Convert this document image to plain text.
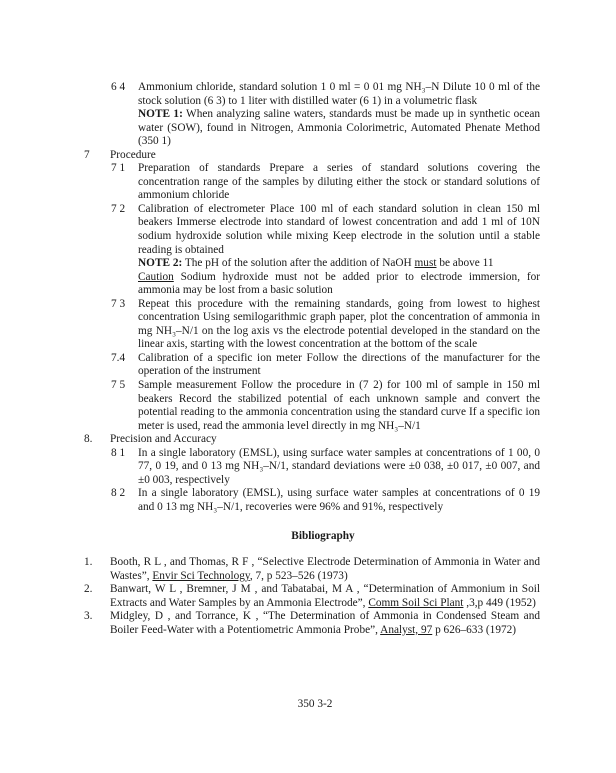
6 4 Ammonium chloride, standard solution 1 0 ml = 0 01 mg NH₃–N Dilute 10 0 ml of the stock solution (6 3) to 1 liter with distilled water (6 1) in a volumetric flask
NOTE 1: When analyzing saline waters, standards must be made up in synthetic ocean water (SOW), found in Nitrogen, Ammonia Colorimetric, Automated Phenate Method (350 1)
7 Procedure
7 1 Preparation of standards Prepare a series of standard solutions covering the concentration range of the samples by diluting either the stock or standard solutions of ammonium chloride
7 2 Calibration of electrometer Place 100 ml of each standard solution in clean 150 ml beakers Immerse electrode into standard of lowest concentration and add 1 ml of 10N sodium hydroxide solution while mixing Keep electrode in the solution until a stable reading is obtained
NOTE 2: The pH of the solution after the addition of NaOH must be above 11
Caution Sodium hydroxide must not be added prior to electrode immersion, for ammonia may be lost from a basic solution
7 3 Repeat this procedure with the remaining standards, going from lowest to highest concentration Using semilogarithmic graph paper, plot the concentration of ammonia in mg NH₃–N/1 on the log axis vs the electrode potential developed in the standard on the linear axis, starting with the lowest concentration at the bottom of the scale
7.4 Calibration of a specific ion meter Follow the directions of the manufacturer for the operation of the instrument
7 5 Sample measurement Follow the procedure in (7 2) for 100 ml of sample in 150 ml beakers Record the stabilized potential of each unknown sample and convert the potential reading to the ammonia concentration using the standard curve If a specific ion meter is used, read the ammonia level directly in mg NH₃–N/1
8. Precision and Accuracy
8 1 In a single laboratory (EMSL), using surface water samples at concentrations of 1 00, 0 77, 0 19, and 0 13 mg NH₃–N/1, standard deviations were ±0 038, ±0 017, ±0 007, and ±0 003, respectively
8 2 In a single laboratory (EMSL), using surface water samples at concentrations of 0 19 and 0 13 mg NH₃–N/1, recoveries were 96% and 91%, respectively
Bibliography
1. Booth, R L , and Thomas, R F , “Selective Electrode Determination of Ammonia in Water and Wastes”, Envir Sci Technology, 7, p 523–526 (1973)
2. Banwart, W L , Bremner, J M , and Tabatabai, M A , “Determination of Ammonium in Soil Extracts and Water Samples by an Ammonia Electrode”, Comm Soil Sci Plant ,3,p 449 (1952)
3. Midgley, D , and Torrance, K , “The Determination of Ammonia in Condensed Steam and Boiler Feed-Water with a Potentiometric Ammonia Probe”, Analyst, 97 p 626–633 (1972)
350 3-2
